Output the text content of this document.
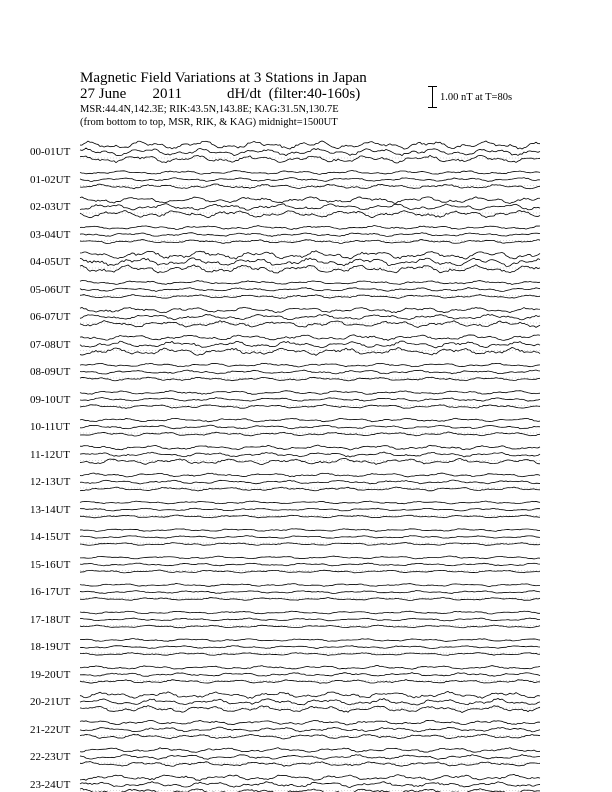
Magnetic Field Variations at 3 Stations in Japan
27 June       2011            dH/dt  (filter:40-160s)
MSR:44.4N,142.3E; RIK:43.5N,143.8E; KAG:31.5N,130.7E
(from bottom to top, MSR, RIK, & KAG) midnight=1500UT
1.00 nT at T=80s
00-01UT
01-02UT
02-03UT
03-04UT
04-05UT
05-06UT
06-07UT
07-08UT
08-09UT
09-10UT
10-11UT
11-12UT
12-13UT
13-14UT
14-15UT
15-16UT
16-17UT
17-18UT
18-19UT
19-20UT
20-21UT
21-22UT
22-23UT
23-24UT
